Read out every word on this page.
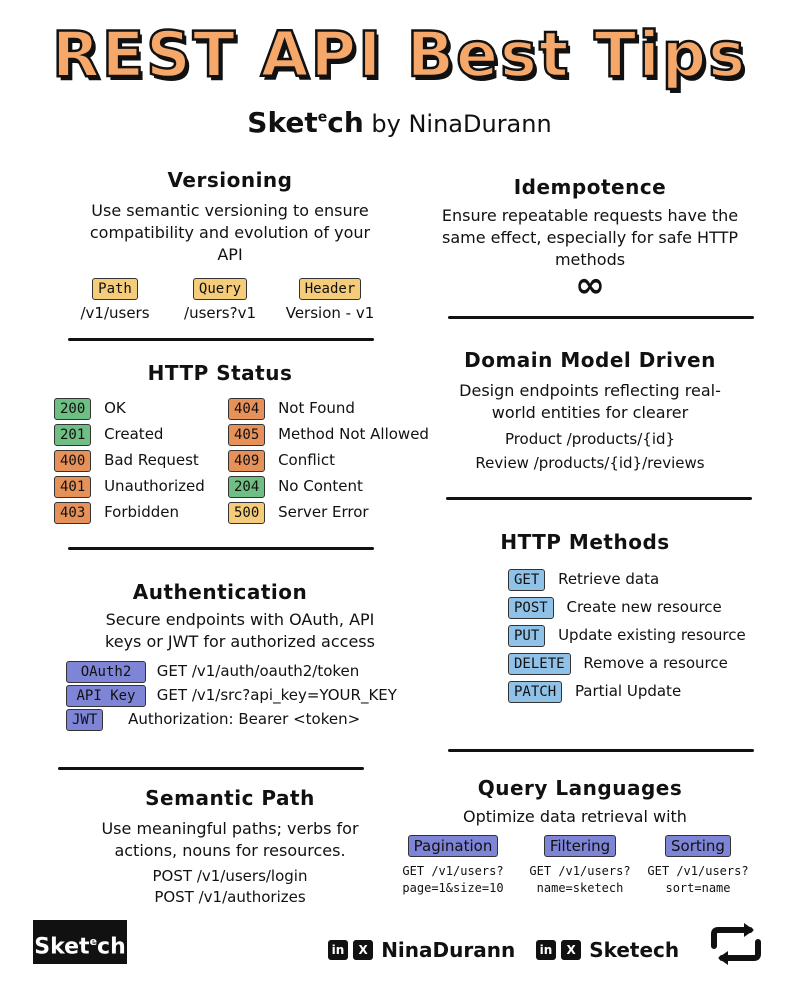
REST API Best Tips
Sket$^e$ch by NinaDurann
Versioning
Use semantic versioning to ensure compatibility and evolution of your API
Path
/v1/users
Query
/users?v1
Header
Version - v1
Idempotence
Ensure repeatable requests have the same effect, especially for safe HTTP methods
∞
HTTP Status
200 OK
201 Created
400 Bad Request
401 Unauthorized
403 Forbidden
404 Not Found
405 Method Not Allowed
409 Conflict
204 No Content
500 Server Error
Domain Model Driven
Design endpoints reflecting real-world entities for clearer
Product /products/{id}
Review /products/{id}/reviews
HTTP Methods
GET Retrieve data
POST Create new resource
PUT Update existing resource
DELETE Remove a resource
PATCH Partial Update
Authentication
Secure endpoints with OAuth, API keys or JWT for authorized access
OAuth2 GET /v1/auth/oauth2/token
API Key GET /v1/src?api_key=YOUR_KEY
JWT Authorization: Bearer <token>
Semantic Path
Use meaningful paths; verbs for actions, nouns for resources.
POST /v1/users/login
POST /v1/authorizes
Query Languages
Optimize data retrieval with
Pagination
GET /v1/users?
page=1&size=10
Filtering
GET /v1/users?
name=sketech
Sorting
GET /v1/users?
sort=name
Sket$^e$ch	in X NinaDurann	in X Sketech
